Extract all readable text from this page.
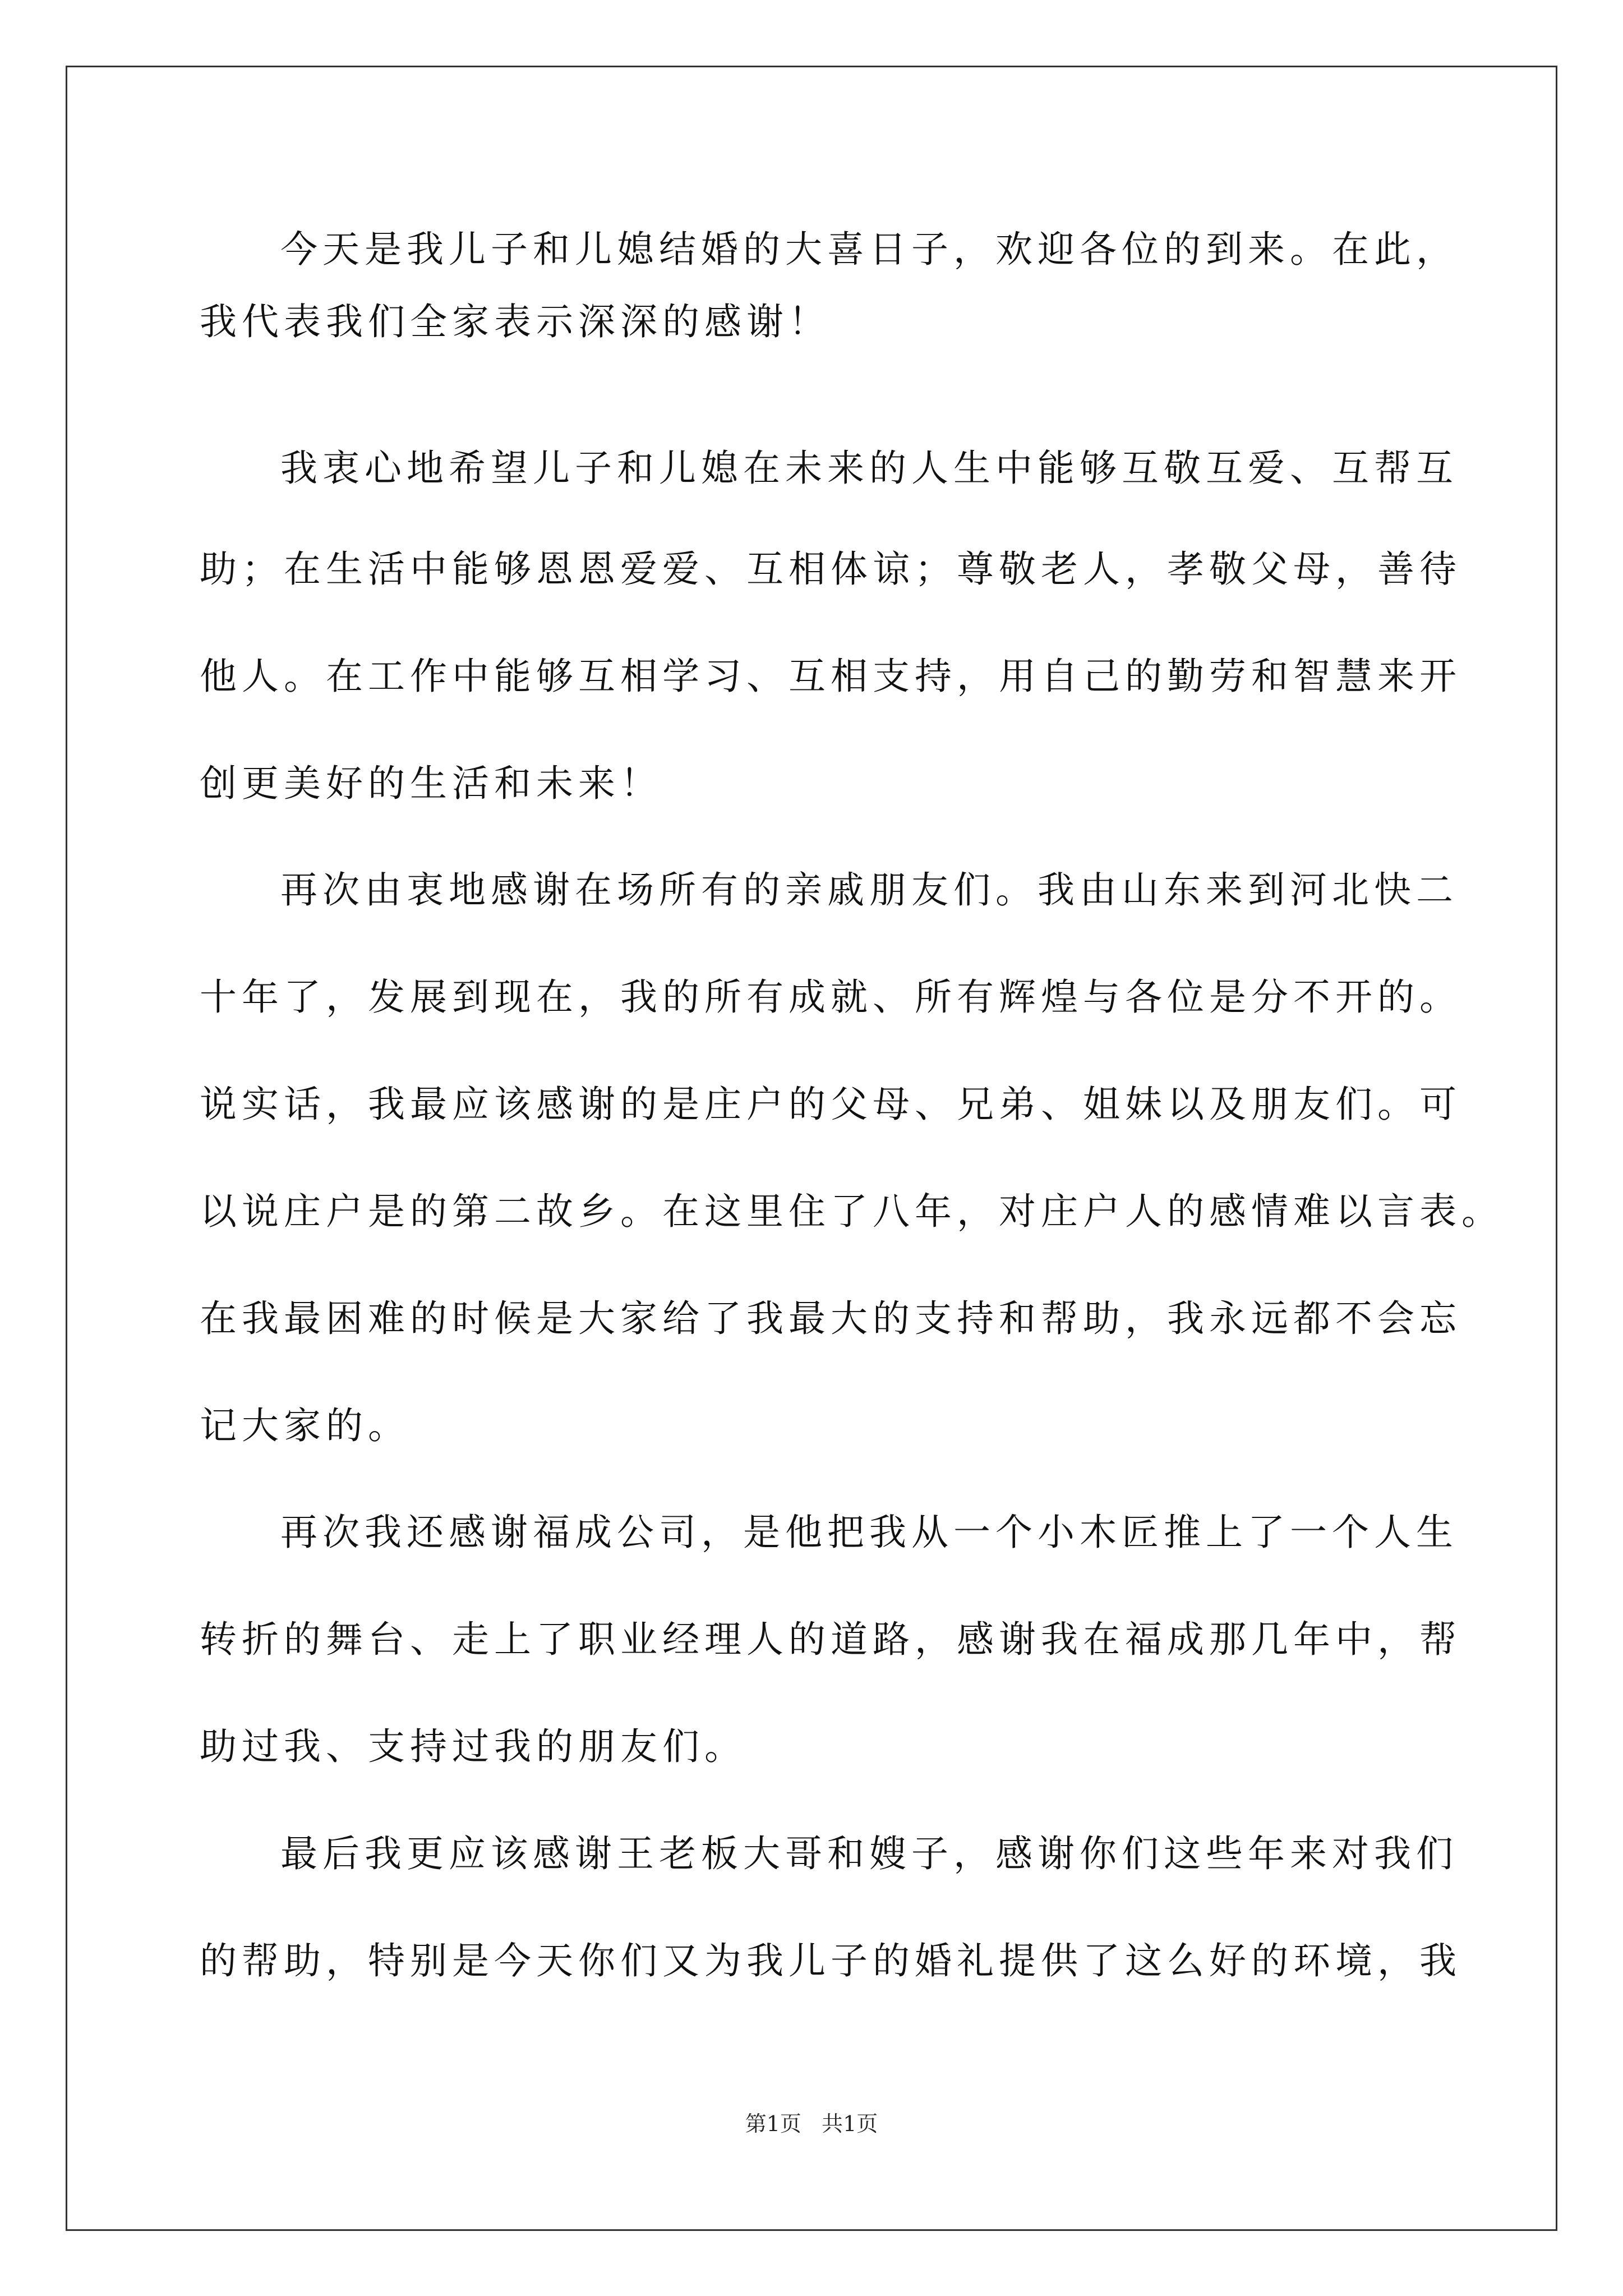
今天是我儿子和儿媳结婚的大喜日子，欢迎各位的到来。在此，
我代表我们全家表示深深的感谢！
我衷心地希望儿子和儿媳在未来的人生中能够互敬互爱、互帮互
助；在生活中能够恩恩爱爱、互相体谅；尊敬老人，孝敬父母，善待
他人。在工作中能够互相学习、互相支持，用自己的勤劳和智慧来开
创更美好的生活和未来！
再次由衷地感谢在场所有的亲戚朋友们。我由山东来到河北快二
十年了，发展到现在，我的所有成就、所有辉煌与各位是分不开的。
说实话，我最应该感谢的是庄户的父母、兄弟、姐妹以及朋友们。可
以说庄户是的第二故乡。在这里住了八年，对庄户人的感情难以言表。
在我最困难的时候是大家给了我最大的支持和帮助，我永远都不会忘
记大家的。
再次我还感谢福成公司，是他把我从一个小木匠推上了一个人生
转折的舞台、走上了职业经理人的道路，感谢我在福成那几年中，帮
助过我、支持过我的朋友们。
最后我更应该感谢王老板大哥和嫂子，感谢你们这些年来对我们
的帮助，特别是今天你们又为我儿子的婚礼提供了这么好的环境，我
第1页   共1页
